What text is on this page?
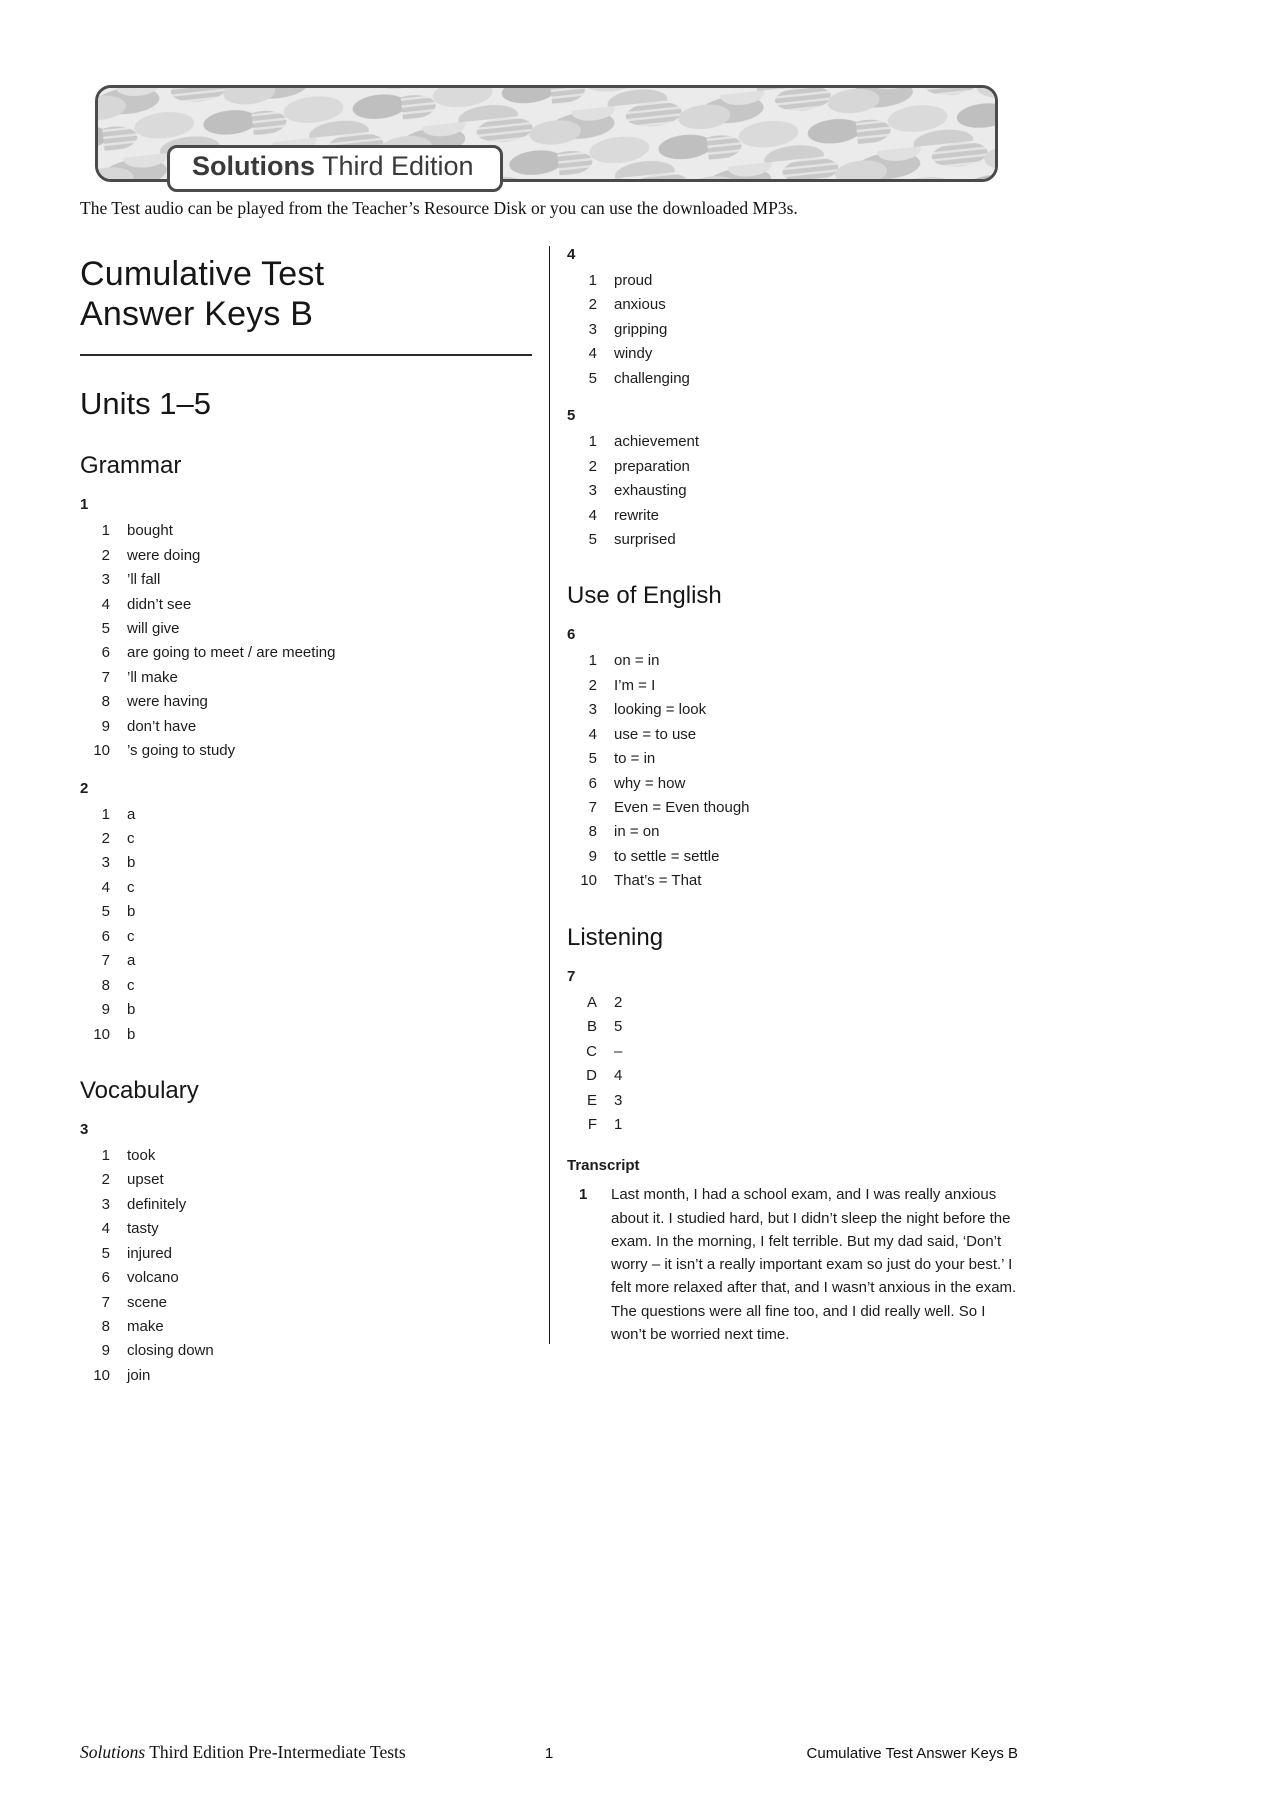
Solutions Third Edition

The Test audio can be played from the Teacher’s Resource Disk or you can use the downloaded MP3s.

Cumulative Test
Answer Keys B
Units 1–5
Grammar
1
1 bought
2 were doing
3 ’ll fall
4 didn’t see
5 will give
6 are going to meet / are meeting
7 ’ll make
8 were having
9 don’t have
10 ’s going to study
2
1 a
2 c
3 b
4 c
5 b
6 c
7 a
8 c
9 b
10 b
Vocabulary
3
1 took
2 upset
3 definitely
4 tasty
5 injured
6 volcano
7 scene
8 make
9 closing down
10 join
4
1 proud
2 anxious
3 gripping
4 windy
5 challenging
5
1 achievement
2 preparation
3 exhausting
4 rewrite
5 surprised
Use of English
6
1 on = in
2 I’m = I
3 looking = look
4 use = to use
5 to = in
6 why = how
7 Even = Even though
8 in = on
9 to settle = settle
10 That’s = That
Listening
7
A 2
B 5
C –
D 4
E 3
F 1
Transcript
1	Last month, I had a school exam, and I was really anxious about it. I studied hard, but I didn’t sleep the night before the exam. In the morning, I felt terrible. But my dad said, ‘Don’t worry – it isn’t a really important exam so just do your best.’ I felt more relaxed after that, and I wasn’t anxious in the exam. The questions were all fine too, and I did really well. So I won’t be worried next time.
Solutions Third Edition Pre-Intermediate Tests	1	Cumulative Test Answer Keys B
